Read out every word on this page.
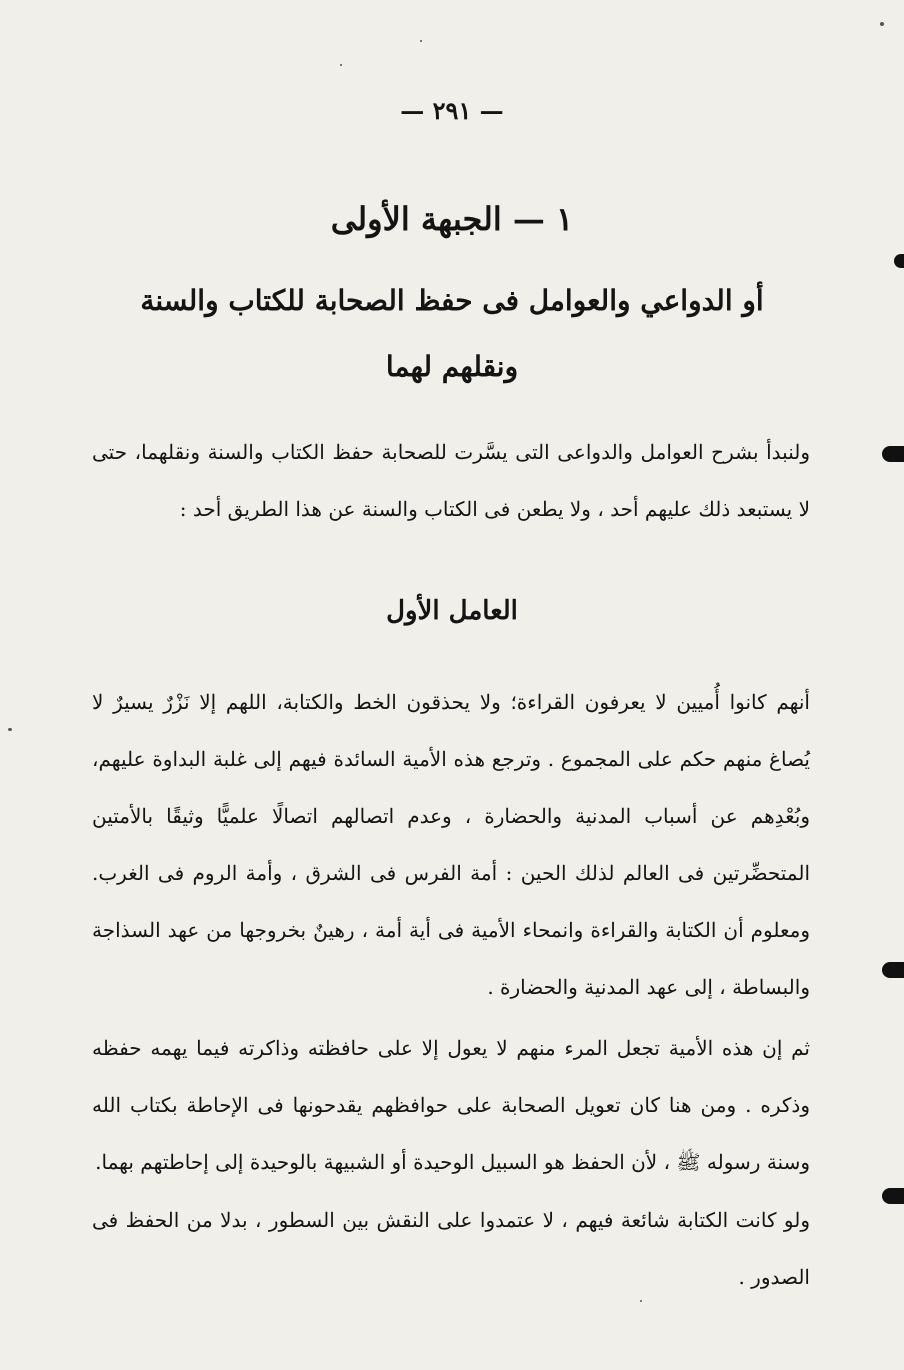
— ٢٩١ —
١ — الجبهة الأولى
أو الدواعي والعوامل فى حفظ الصحابة للكتاب والسنة
ونقلهم لهما

ولنبدأ بشرح العوامل والدواعى التى يسَّرت للصحابة حفظ الكتاب والسنة ونقلهما، حتى لا يستبعد ذلك عليهم أحد ، ولا يطعن فى الكتاب والسنة عن هذا الطريق أحد :

العامل الأول

أنهم كانوا أُميين لا يعرفون القراءة؛ ولا يحذقون الخط والكتابة، اللهم إلا نَزْرٌ يسيرٌ لا يُصاغ منهم حكم على المجموع . وترجع هذه الأمية السائدة فيهم إلى غلبة البداوة عليهم، وبُعْدِهم عن أسباب المدنية والحضارة ، وعدم اتصالهم اتصالًا علميًّا وثيقًا بالأمتين المتحضِّرتين فى العالم لذلك الحين : أمة الفرس فى الشرق ، وأمة الروم فى الغرب. ومعلوم أن الكتابة والقراءة وانمحاء الأمية فى أية أمة ، رهينٌ بخروجها من عهد السذاجة والبساطة ، إلى عهد المدنية والحضارة .

ثم إن هذه الأمية تجعل المرء منهم لا يعول إلا على حافظته وذاكرته فيما يهمه حفظه وذكره . ومن هنا كان تعويل الصحابة على حوافظهم يقدحونها فى الإحاطة بكتاب الله وسنة رسوله ﷺ ، لأن الحفظ هو السبيل الوحيدة أو الشبيهة بالوحيدة إلى إحاطتهم بهما.

ولو كانت الكتابة شائعة فيهم ، لا عتمدوا على النقش بين السطور ، بدلا من الحفظ فى الصدور .
